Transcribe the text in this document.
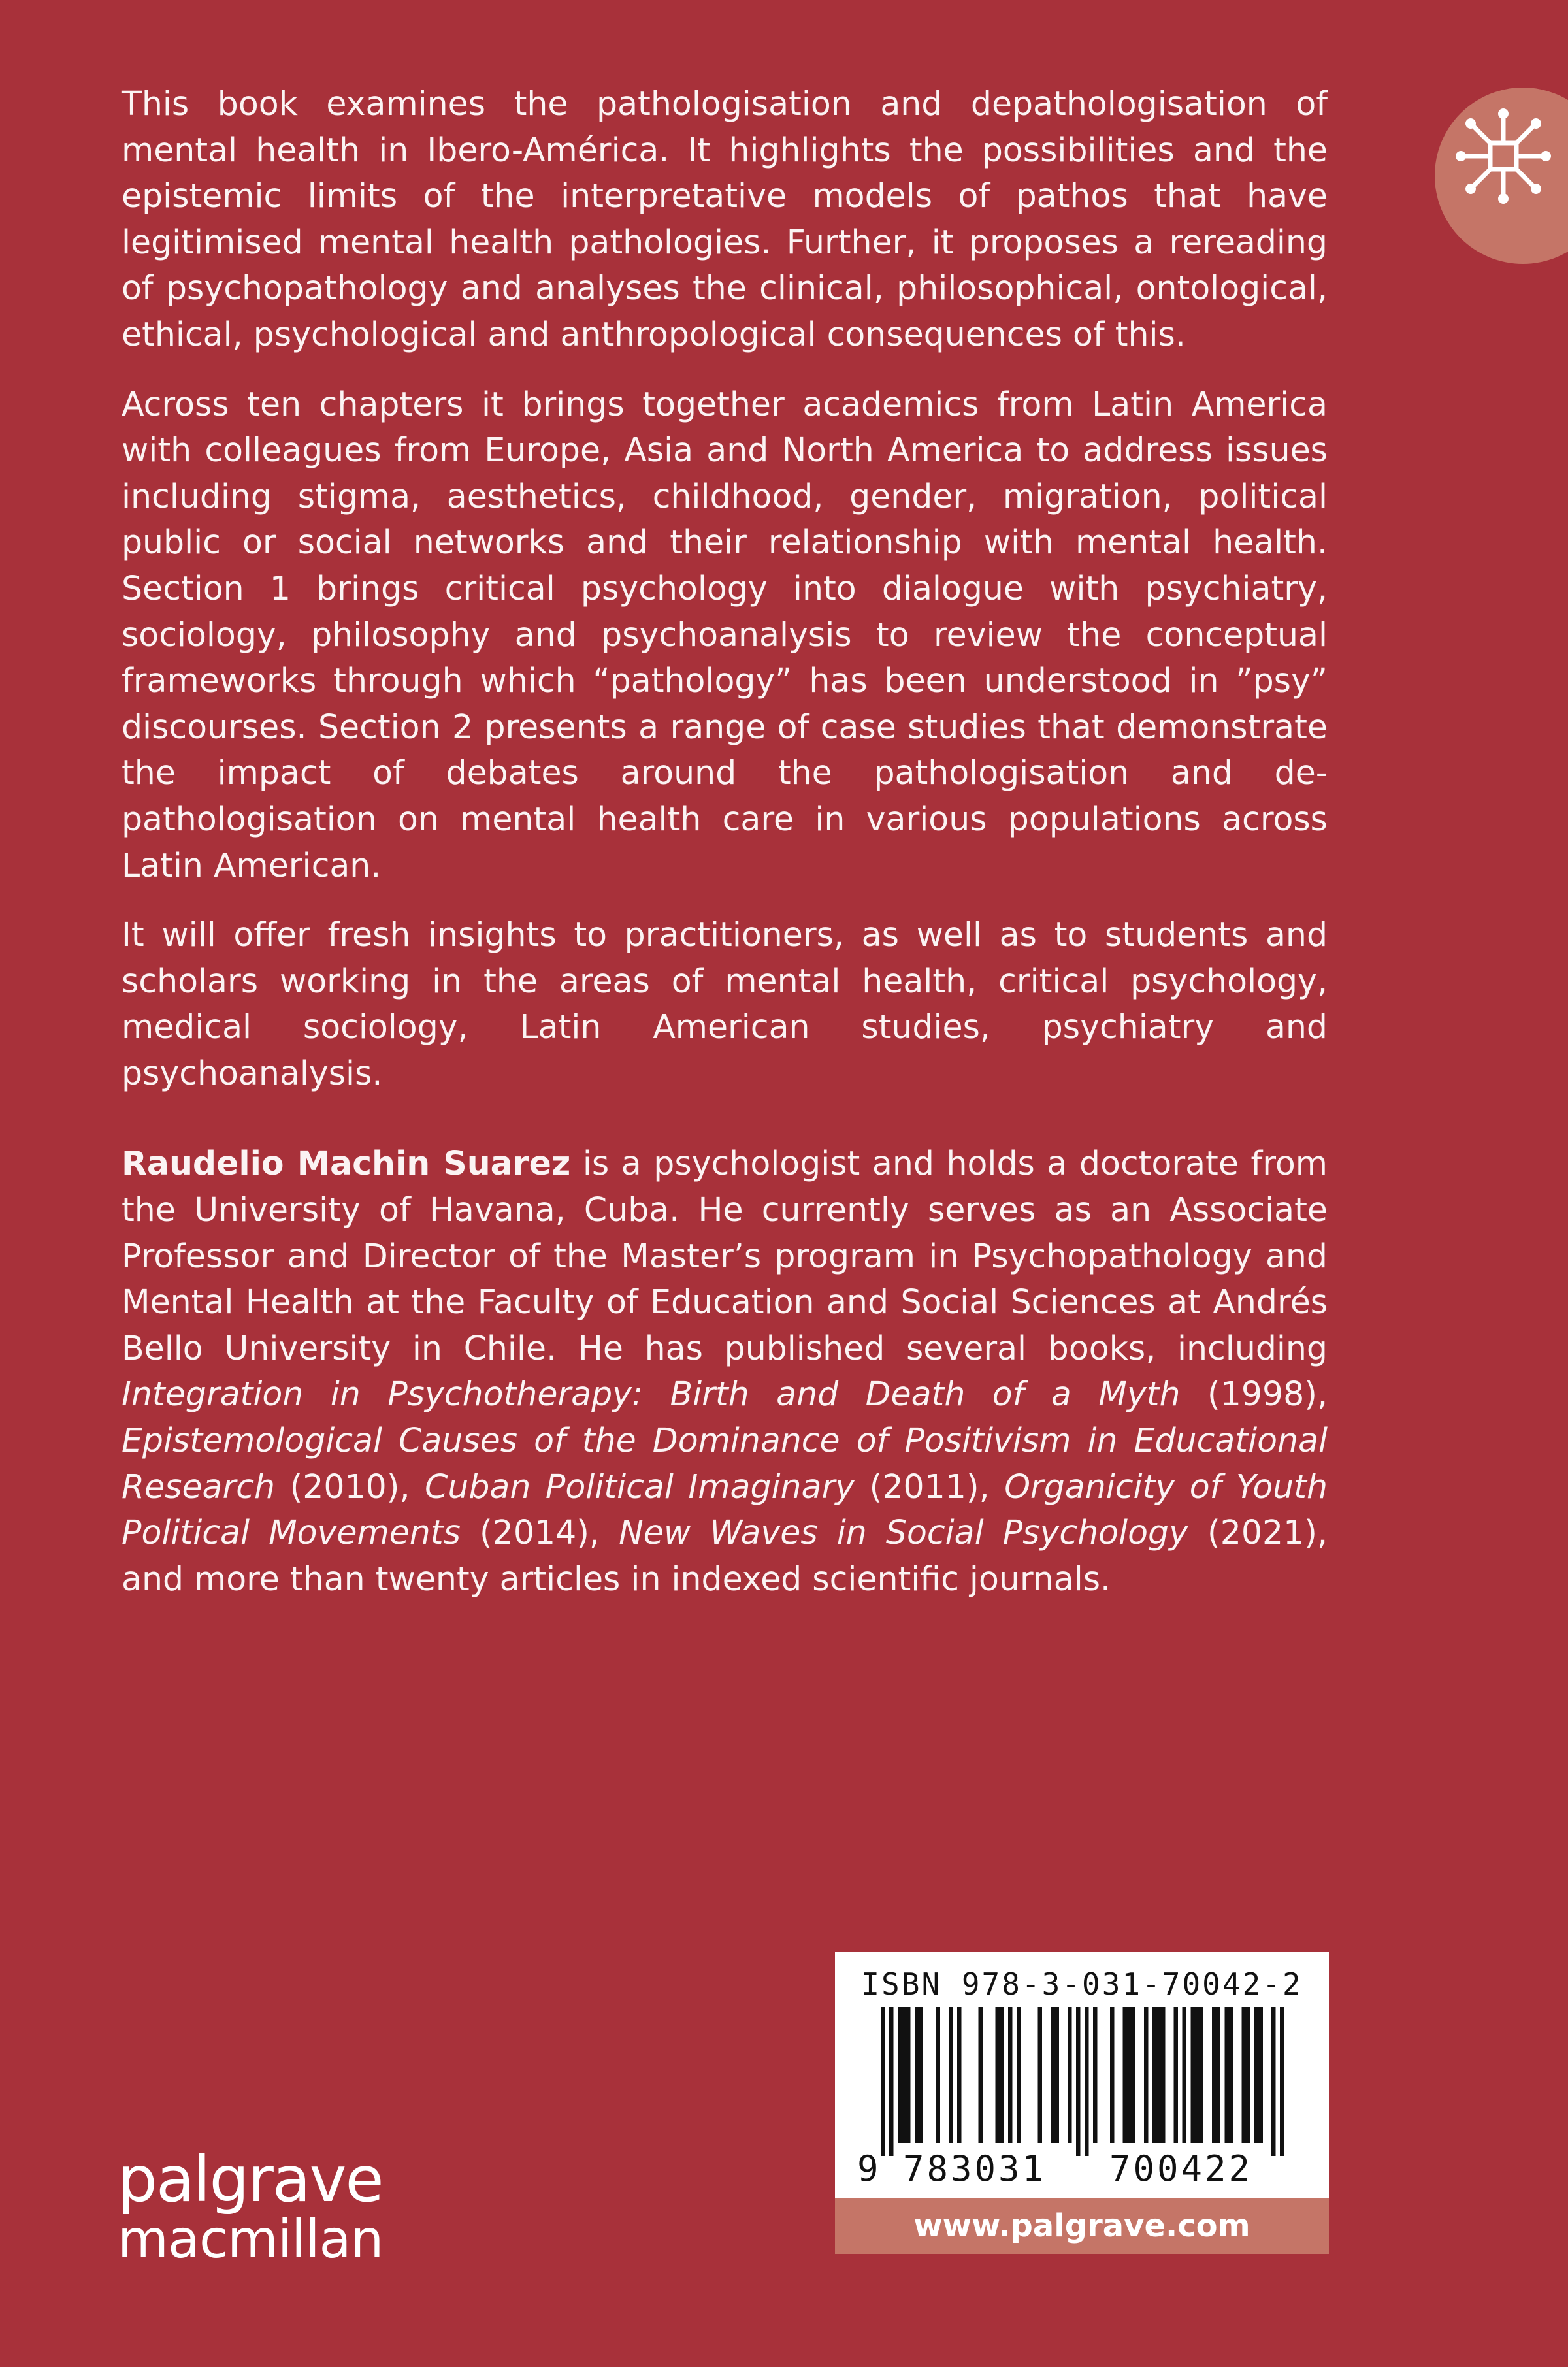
This book examines the pathologisation and depathologisation of mental health in Ibero-América. It highlights the possibilities and the epistemic limits of the interpretative models of pathos that have legitimised mental health pathologies. Further, it proposes a rereading of psychopathology and analyses the clinical, philosophical, ontological, ethical, psychological and anthropological consequences of this.

Across ten chapters it brings together academics from Latin America with colleagues from Europe, Asia and North America to address issues including stigma, aesthetics, childhood, gender, migration, political public or social networks and their relationship with mental health. Section 1 brings critical psychology into dialogue with psychiatry, sociology, philosophy and psychoanalysis to review the conceptual frameworks through which “pathology” has been understood in ”psy” discourses. Section 2 presents a range of case studies that demonstrate the impact of debates around the pathologisation and de-pathologisation on mental health care in various populations across Latin American.

It will offer fresh insights to practitioners, as well as to students and scholars working in the areas of mental health, critical psychology, medical sociology, Latin American studies, psychiatry and psychoanalysis.

Raudelio Machin Suarez is a psychologist and holds a doctorate from the University of Havana, Cuba. He currently serves as an Associate Professor and Director of the Master’s program in Psychopathology and Mental Health at the Faculty of Education and Social Sciences at Andrés Bello University in Chile. He has published several books, including Integration in Psychotherapy: Birth and Death of a Myth (1998), Epistemological Causes of the Dominance of Positivism in Educational Research (2010), Cuban Political Imaginary (2011), Organicity of Youth Political Movements (2014), New Waves in Social Psychology (2021), and more than twenty articles in indexed scientific journals.

palgrave
macmillan
ISBN 978-3-031-70042-2
9 783031 700422
www.palgrave.com
